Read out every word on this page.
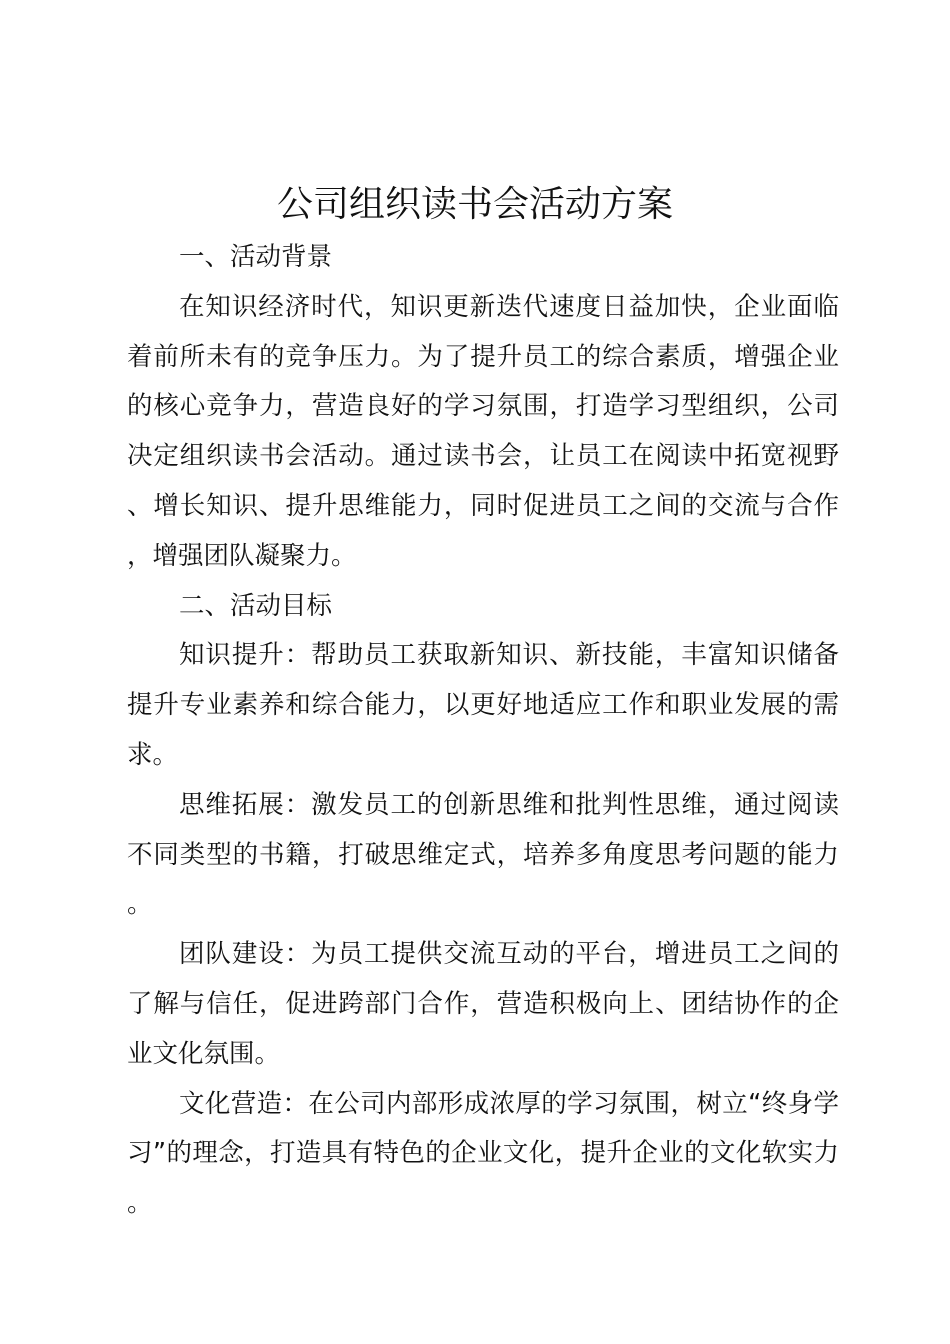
公司组织读书会活动方案

一、活动背景

在知识经济时代，知识更新迭代速度日益加快，企业面临着前所未有的竞争压力。为了提升员工的综合素质，增强企业的核心竞争力，营造良好的学习氛围，打造学习型组织，公司决定组织读书会活动。通过读书会，让员工在阅读中拓宽视野、增长知识、提升思维能力，同时促进员工之间的交流与合作，增强团队凝聚力。

二、活动目标

知识提升：帮助员工获取新知识、新技能，丰富知识储备提升专业素养和综合能力，以更好地适应工作和职业发展的需求。

思维拓展：激发员工的创新思维和批判性思维，通过阅读不同类型的书籍，打破思维定式，培养多角度思考问题的能力。

团队建设：为员工提供交流互动的平台，增进员工之间的了解与信任，促进跨部门合作，营造积极向上、团结协作的企业文化氛围。

文化营造：在公司内部形成浓厚的学习氛围，树立“终身学习”的理念，打造具有特色的企业文化，提升企业的文化软实力。
